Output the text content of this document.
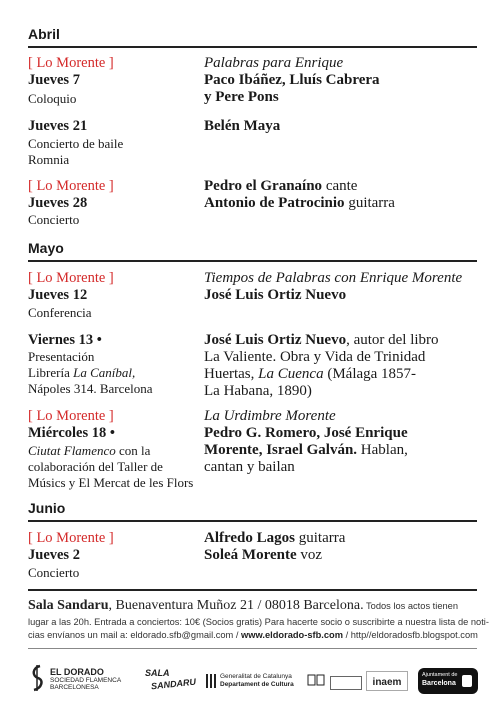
Abril
[ Lo Morente ]
Jueves 7
Coloquio
Palabras para Enrique
Paco Ibáñez, Lluís Cabrera
y Pere Pons
Jueves 21
Concierto de baile
Romnia
Belén Maya
[ Lo Morente ]
Jueves 28
Concierto
Pedro el Granaíno cante
Antonio de Patrocinio guitarra
Mayo
[ Lo Morente ]
Jueves 12
Conferencia
Tiempos de Palabras con Enrique Morente
José Luis Ortiz Nuevo
Viernes 13 •
Presentación
Librería La Caníbal,
Nápoles 314. Barcelona
José Luis Ortiz Nuevo, autor del libro
La Valiente. Obra y Vida de Trinidad
Huertas, La Cuenca (Málaga 1857-
La Habana, 1890)
[ Lo Morente ]
Miércoles 18 •
Ciutat Flamenco con la
colaboración del Taller de
Músics y El Mercat de les Flors
La Urdimbre Morente
Pedro G. Romero, José Enrique
Morente, Israel Galván. Hablan,
cantan y bailan
Junio
[ Lo Morente ]
Jueves 2
Concierto
Alfredo Lagos guitarra
Soleá Morente voz
Sala Sandaru, Buenaventura Muñoz 21 / 08018 Barcelona. Todos los actos tienen
lugar a las 20h. Entrada a conciertos: 10€ (Socios gratis) Para hacerte socio o suscribirte a nuestra lista de noti-
cias envíanos un mail a: eldorado.sfb@gmail.com / www.eldorado-sfb.com / http//eldoradosfb.blogspot.com
EL DORADO
SOCIEDAD FLAMENCA
BARCELONESA
SALA
SANDARU
Generalitat de Catalunya
Departament de Cultura	inaem
Ajuntament de
Barcelona
